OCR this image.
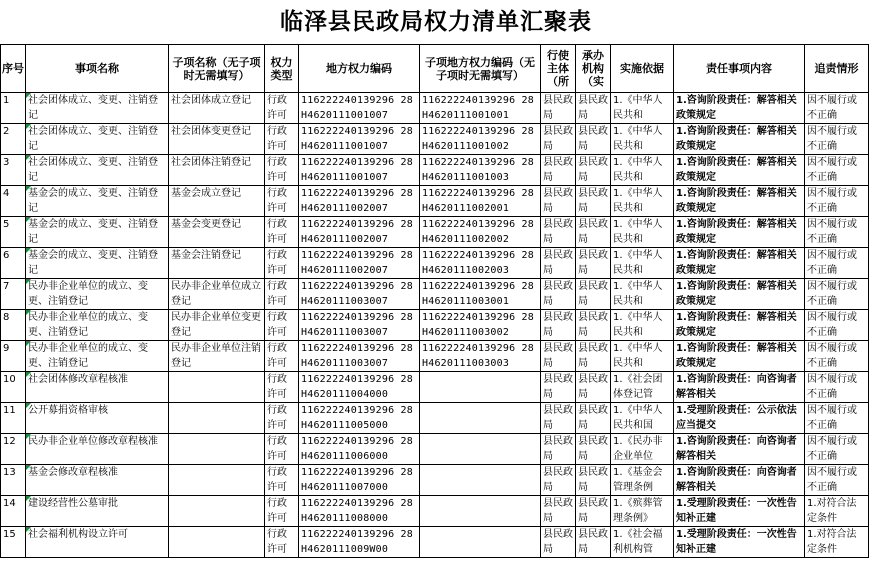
临泽县民政局权力清单汇聚表
序号	事项名称	子项名称（无子项时无需填写）	权力类型	地方权力编码	子项地方权力编码（无子项时无需填写）	行使主体（所	承办机构（实	实施依据	责任事项内容	追责情形

1	社会团体成立、变更、注销登记	社会团体成立登记	行政许可	116222240139296 28H4620111001007	116222240139296 28H4620111001001	县民政局	县民政局	1.《中华人民共和	1.咨询阶段责任：解答相关政策规定	因不履行或不正确

2	社会团体成立、变更、注销登记	社会团体变更登记	行政许可	116222240139296 28H4620111001007	116222240139296 28H4620111001002	县民政局	县民政局	1.《中华人民共和	1.咨询阶段责任：解答相关政策规定	因不履行或不正确

3	社会团体成立、变更、注销登记	社会团体注销登记	行政许可	116222240139296 28H4620111001007	116222240139296 28H4620111001003	县民政局	县民政局	1.《中华人民共和	1.咨询阶段责任：解答相关政策规定	因不履行或不正确

4	基金会的成立、变更、注销登记	基金会成立登记	行政许可	116222240139296 28H4620111002007	116222240139296 28H4620111002001	县民政局	县民政局	1.《中华人民共和	1.咨询阶段责任：解答相关政策规定	因不履行或不正确

5	基金会的成立、变更、注销登记	基金会变更登记	行政许可	116222240139296 28H4620111002007	116222240139296 28H4620111002002	县民政局	县民政局	1.《中华人民共和	1.咨询阶段责任：解答相关政策规定	因不履行或不正确

6	基金会的成立、变更、注销登记	基金会注销登记	行政许可	116222240139296 28H4620111002007	116222240139296 28H4620111002003	县民政局	县民政局	1.《中华人民共和	1.咨询阶段责任：解答相关政策规定	因不履行或不正确

7	民办非企业单位的成立、变更、注销登记	民办非企业单位成立登记	行政许可	116222240139296 28H4620111003007	116222240139296 28H4620111003001	县民政局	县民政局	1.《中华人民共和	1.咨询阶段责任：解答相关政策规定	因不履行或不正确

8	民办非企业单位的成立、变更、注销登记	民办非企业单位变更登记	行政许可	116222240139296 28H4620111003007	116222240139296 28H4620111003002	县民政局	县民政局	1.《中华人民共和	1.咨询阶段责任：解答相关政策规定	因不履行或不正确

9	民办非企业单位的成立、变更、注销登记	民办非企业单位注销登记	行政许可	116222240139296 28H4620111003007	116222240139296 28H4620111003003	县民政局	县民政局	1.《中华人民共和	1.咨询阶段责任：解答相关政策规定	因不履行或不正确

10	社会团体修改章程核准		行政许可	116222240139296 28H4620111004000		县民政局	县民政局	1.《社会团体登记管	1.咨询阶段责任：向咨询者解答相关	因不履行或不正确

11	公开募捐资格审核		行政许可	116222240139296 28H4620111005000		县民政局	县民政局	1.《中华人民共和国	1.受理阶段责任：公示依法应当提交	因不履行或不正确

12	民办非企业单位修改章程核准		行政许可	116222240139296 28H4620111006000		县民政局	县民政局	1.《民办非企业单位	1.咨询阶段责任：向咨询者解答相关	因不履行或不正确

13	基金会修改章程核准		行政许可	116222240139296 28H4620111007000		县民政局	县民政局	1.《基金会管理条例	1.咨询阶段责任：向咨询者解答相关	因不履行或不正确

14	建设经营性公墓审批		行政许可	116222240139296 28H4620111008000		县民政局	县民政局	1.《殡葬管理条例》	1.受理阶段责任：一次性告知补正建	1.对符合法定条件

15	社会福利机构设立许可		行政许可	116222240139296 28H4620111009W00		县民政局	县民政局	1.《社会福利机构管	1.受理阶段责任：一次性告知补正建	1.对符合法定条件
